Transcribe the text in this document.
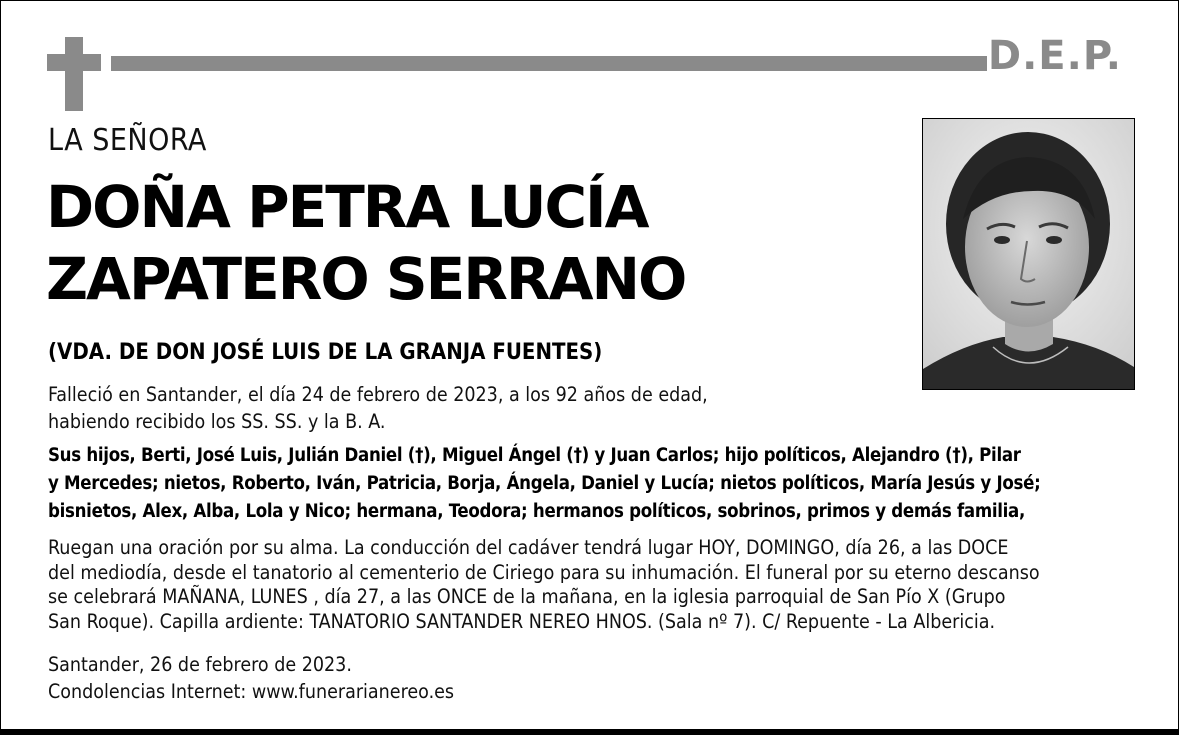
D.E.P.
LA SEÑORA
DOÑA PETRA LUCÍA
ZAPATERO SERRANO
(VDA. DE DON JOSÉ LUIS DE LA GRANJA FUENTES)
Falleció en Santander, el día 24 de febrero de 2023, a los 92 años de edad,
habiendo recibido los SS. SS. y la B. A.
Sus hijos, Berti, José Luis, Julián Daniel (†), Miguel Ángel (†) y Juan Carlos; hijo políticos, Alejandro (†), Pilar
y Mercedes; nietos, Roberto, Iván, Patricia, Borja, Ángela, Daniel y Lucía; nietos políticos, María Jesús y José;
bisnietos, Alex, Alba, Lola y Nico; hermana, Teodora; hermanos políticos, sobrinos, primos y demás familia,
Ruegan una oración por su alma. La conducción del cadáver tendrá lugar HOY, DOMINGO, día 26, a las DOCE
del mediodía, desde el tanatorio al cementerio de Ciriego para su inhumación. El funeral por su eterno descanso
se celebrará MAÑANA, LUNES , día 27, a las ONCE de la mañana, en la iglesia parroquial de San Pío X (Grupo
San Roque). Capilla ardiente: TANATORIO SANTANDER NEREO HNOS. (Sala nº 7). C/ Repuente - La Albericia.
Santander, 26 de febrero de 2023.
Condolencias Internet: www.funerarianereo.es
